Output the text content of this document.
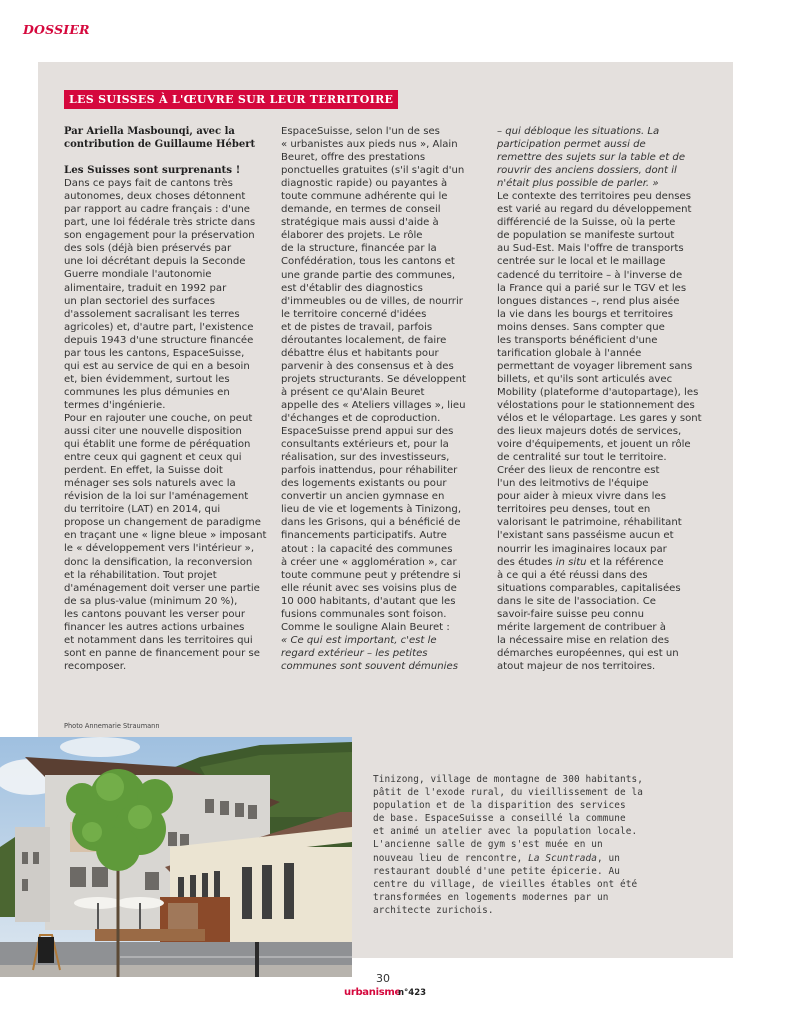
DOSSIER
LES SUISSES À L'ŒUVRE SUR LEUR TERRITOIRE
Par Ariella Masbounqi, avec la
contribution de Guillaume Hébert
Les Suisses sont surprenants !
Dans ce pays fait de cantons très
autonomes, deux choses détonnent
par rapport au cadre français : d'une
part, une loi fédérale très stricte dans
son engagement pour la préservation
des sols (déjà bien préservés par
une loi décrétant depuis la Seconde
Guerre mondiale l'autonomie
alimentaire, traduit en 1992 par
un plan sectoriel des surfaces
d'assolement sacralisant les terres
agricoles) et, d'autre part, l'existence
depuis 1943 d'une structure financée
par tous les cantons, EspaceSuisse,
qui est au service de qui en a besoin
et, bien évidemment, surtout les
communes les plus démunies en
termes d'ingénierie.
Pour en rajouter une couche, on peut
aussi citer une nouvelle disposition
qui établit une forme de péréquation
entre ceux qui gagnent et ceux qui
perdent. En effet, la Suisse doit
ménager ses sols naturels avec la
révision de la loi sur l'aménagement
du territoire (LAT) en 2014, qui
propose un changement de paradigme
en traçant une « ligne bleue » imposant
le « développement vers l'intérieur »,
donc la densification, la reconversion
et la réhabilitation. Tout projet
d'aménagement doit verser une partie
de sa plus-value (minimum 20 %),
les cantons pouvant les verser pour
financer les autres actions urbaines
et notamment dans les territoires qui
sont en panne de financement pour se
recomposer.
EspaceSuisse, selon l'un de ses
« urbanistes aux pieds nus », Alain
Beuret, offre des prestations
ponctuelles gratuites (s'il s'agit d'un
diagnostic rapide) ou payantes à
toute commune adhérente qui le
demande, en termes de conseil
stratégique mais aussi d'aide à
élaborer des projets. Le rôle
de la structure, financée par la
Confédération, tous les cantons et
une grande partie des communes,
est d'établir des diagnostics
d'immeubles ou de villes, de nourrir
le territoire concerné d'idées
et de pistes de travail, parfois
déroutantes localement, de faire
débattre élus et habitants pour
parvenir à des consensus et à des
projets structurants. Se développent
à présent ce qu'Alain Beuret
appelle des « Ateliers villages », lieu
d'échanges et de coproduction.
EspaceSuisse prend appui sur des
consultants extérieurs et, pour la
réalisation, sur des investisseurs,
parfois inattendus, pour réhabiliter
des logements existants ou pour
convertir un ancien gymnase en
lieu de vie et logements à Tinizong,
dans les Grisons, qui a bénéficié de
financements participatifs. Autre
atout : la capacité des communes
à créer une « agglomération », car
toute commune peut y prétendre si
elle réunit avec ses voisins plus de
10 000 habitants, d'autant que les
fusions communales sont foison.
Comme le souligne Alain Beuret :
« Ce qui est important, c'est le
regard extérieur – les petites
communes sont souvent démunies
– qui débloque les situations. La
participation permet aussi de
remettre des sujets sur la table et de
rouvrir des anciens dossiers, dont il
n'était plus possible de parler. »
Le contexte des territoires peu denses
est varié au regard du développement
différencié de la Suisse, où la perte
de population se manifeste surtout
au Sud-Est. Mais l'offre de transports
centrée sur le local et le maillage
cadencé du territoire – à l'inverse de
la France qui a parié sur le TGV et les
longues distances –, rend plus aisée
la vie dans les bourgs et territoires
moins denses. Sans compter que
les transports bénéficient d'une
tarification globale à l'année
permettant de voyager librement sans
billets, et qu'ils sont articulés avec
Mobility (plateforme d'autopartage), les
vélostations pour le stationnement des
vélos et le vélopartage. Les gares y sont
des lieux majeurs dotés de services,
voire d'équipements, et jouent un rôle
de centralité sur tout le territoire.
Créer des lieux de rencontre est
l'un des leitmotivs de l'équipe
pour aider à mieux vivre dans les
territoires peu denses, tout en
valorisant le patrimoine, réhabilitant
l'existant sans passéisme aucun et
nourrir les imaginaires locaux par
des études in situ et la référence
à ce qui a été réussi dans des
situations comparables, capitalisées
dans le site de l'association. Ce
savoir-faire suisse peu connu
mérite largement de contribuer à
la nécessaire mise en relation des
démarches européennes, qui est un
atout majeur de nos territoires.
Photo Annemarie Straumann
Tinizong, village de montagne de 300 habitants,
pâtit de l'exode rural, du vieillissement de la
population et de la disparition des services
de base. EspaceSuisse a conseillé la commune
et animé un atelier avec la population locale.
L'ancienne salle de gym s'est muée en un
nouveau lieu de rencontre, La Scuntrada, un
restaurant doublé d'une petite épicerie. Au
centre du village, de vieilles étables ont été
transformées en logements modernes par un
architecte zurichois.
30
urbanisme
n°423
